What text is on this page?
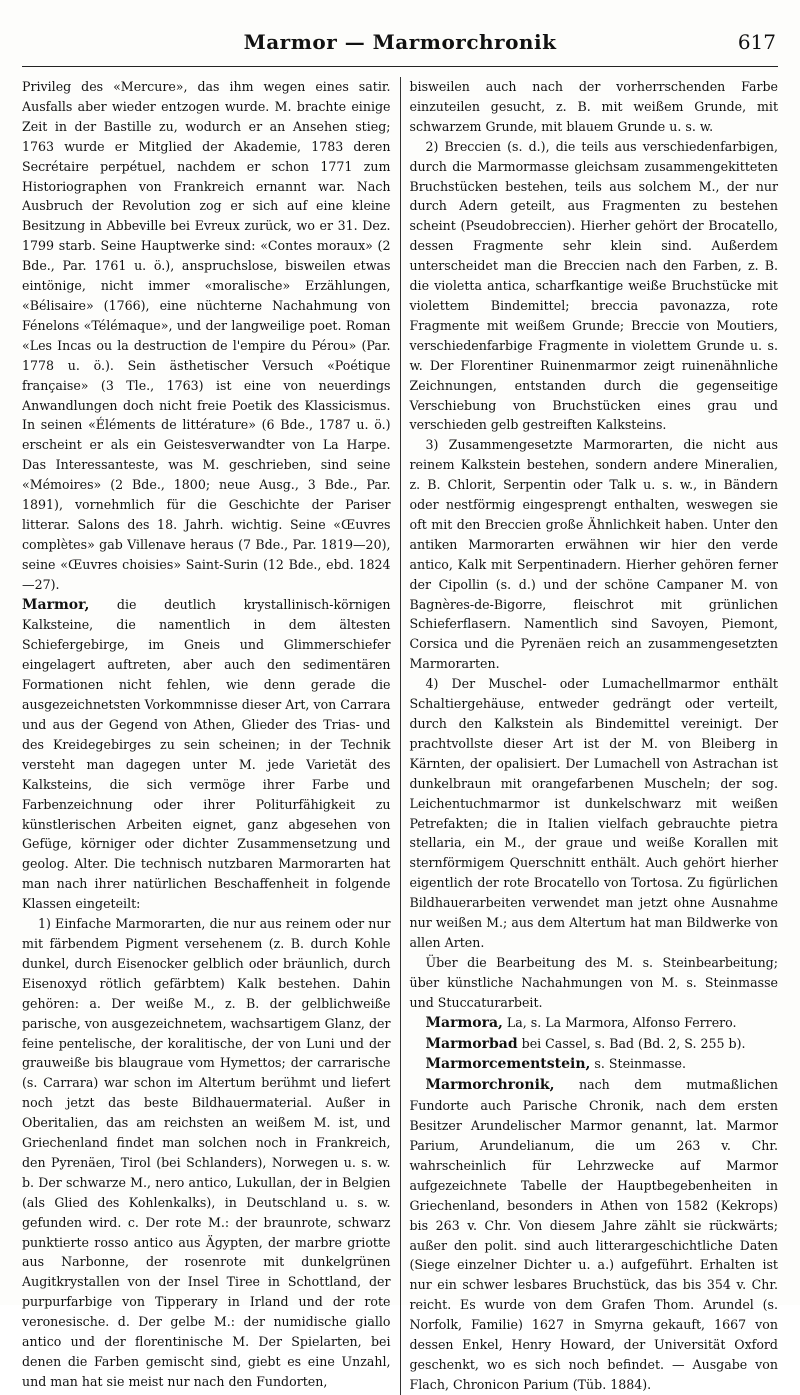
Marmor — Marmorchronik	617

Privileg des «Mercure», das ihm wegen eines satir. Ausfalls aber wieder entzogen wurde. M. brachte einige Zeit in der Bastille zu, wodurch er an Ansehen stieg; 1763 wurde er Mitglied der Akademie, 1783 deren Secrétaire perpétuel, nachdem er schon 1771 zum Historiographen von Frankreich ernannt war. Nach Ausbruch der Revolution zog er sich auf eine kleine Besitzung in Abbeville bei Evreux zurück, wo er 31. Dez. 1799 starb. Seine Hauptwerke sind: «Contes moraux» (2 Bde., Par. 1761 u. ö.), anspruchslose, bisweilen etwas eintönige, nicht immer «moralische» Erzählungen, «Bélisaire» (1766), eine nüchterne Nachahmung von Fénelons «Télémaque», und der langweilige poet. Roman «Les Incas ou la destruction de l'empire du Pérou» (Par. 1778 u. ö.). Sein ästhetischer Versuch «Poétique française» (3 Tle., 1763) ist eine von neuerdings Anwandlungen doch nicht freie Poetik des Klassicismus. In seinen «Éléments de littérature» (6 Bde., 1787 u. ö.) erscheint er als ein Geistesverwandter von La Harpe. Das Interessanteste, was M. geschrieben, sind seine «Mémoires» (2 Bde., 1800; neue Ausg., 3 Bde., Par. 1891), vornehmlich für die Geschichte der Pariser litterar. Salons des 18. Jahrh. wichtig. Seine «Œuvres complètes» gab Villenave heraus (7 Bde., Par. 1819—20), seine «Œuvres choisies» Saint-Surin (12 Bde., ebd. 1824—27).

Marmor, die deutlich krystallinisch-körnigen Kalksteine, die namentlich in dem ältesten Schiefergebirge, im Gneis und Glimmerschiefer eingelagert auftreten, aber auch den sedimentären Formationen nicht fehlen, wie denn gerade die ausgezeichnetsten Vorkommnisse dieser Art, von Carrara und aus der Gegend von Athen, Glieder des Trias- und des Kreidegebirges zu sein scheinen; in der Technik versteht man dagegen unter M. jede Varietät des Kalksteins, die sich vermöge ihrer Farbe und Farbenzeichnung oder ihrer Politurfähigkeit zu künstlerischen Arbeiten eignet, ganz abgesehen von Gefüge, körniger oder dichter Zusammensetzung und geolog. Alter. Die technisch nutzbaren Marmorarten hat man nach ihrer natürlichen Beschaffenheit in folgende Klassen eingeteilt:

1) Einfache Marmorarten, die nur aus reinem oder nur mit färbendem Pigment versehenem (z. B. durch Kohle dunkel, durch Eisenocker gelblich oder bräunlich, durch Eisenoxyd rötlich gefärbtem) Kalk bestehen. Dahin gehören: a. Der weiße M., z. B. der gelblichweiße parische, von ausgezeichnetem, wachsartigem Glanz, der feine pentelische, der koralitische, der von Luni und der grauweiße bis blaugraue vom Hymettos; der carrarische (s. Carrara) war schon im Altertum berühmt und liefert noch jetzt das beste Bildhauermaterial. Außer in Oberitalien, das am reichsten an weißem M. ist, und Griechenland findet man solchen noch in Frankreich, den Pyrenäen, Tirol (bei Schlanders), Norwegen u. s. w. b. Der schwarze M., nero antico, Lukullan, der in Belgien (als Glied des Kohlenkalks), in Deutschland u. s. w. gefunden wird. c. Der rote M.: der braunrote, schwarz punktierte rosso antico aus Ägypten, der marbre griotte aus Narbonne, der rosenrote mit dunkelgrünen Augitkrystallen von der Insel Tiree in Schottland, der purpurfarbige von Tipperary in Irland und der rote veronesische. d. Der gelbe M.: der numidische giallo antico und der florentinische M. Der Spielarten, bei denen die Farben gemischt sind, giebt es eine Unzahl, und man hat sie meist nur nach den Fundorten,

bisweilen auch nach der vorherrschenden Farbe einzuteilen gesucht, z. B. mit weißem Grunde, mit schwarzem Grunde, mit blauem Grunde u. s. w.

2) Breccien (s. d.), die teils aus verschiedenfarbigen, durch die Marmormasse gleichsam zusammengekitteten Bruchstücken bestehen, teils aus solchem M., der nur durch Adern geteilt, aus Fragmenten zu bestehen scheint (Pseudobreccien). Hierher gehört der Brocatello, dessen Fragmente sehr klein sind. Außerdem unterscheidet man die Breccien nach den Farben, z. B. die violetta antica, scharfkantige weiße Bruchstücke mit violettem Bindemittel; breccia pavonazza, rote Fragmente mit weißem Grunde; Breccie von Moutiers, verschiedenfarbige Fragmente in violettem Grunde u. s. w. Der Florentiner Ruinenmarmor zeigt ruinenähnliche Zeichnungen, entstanden durch die gegenseitige Verschiebung von Bruchstücken eines grau und verschieden gelb gestreiften Kalksteins.

3) Zusammengesetzte Marmorarten, die nicht aus reinem Kalkstein bestehen, sondern andere Mineralien, z. B. Chlorit, Serpentin oder Talk u. s. w., in Bändern oder nestförmig eingesprengt enthalten, weswegen sie oft mit den Breccien große Ähnlichkeit haben. Unter den antiken Marmorarten erwähnen wir hier den verde antico, Kalk mit Serpentinadern. Hierher gehören ferner der Cipollin (s. d.) und der schöne Campaner M. von Bagnères-de-Bigorre, fleischrot mit grünlichen Schieferflasern. Namentlich sind Savoyen, Piemont, Corsica und die Pyrenäen reich an zusammengesetzten Marmorarten.

4) Der Muschel- oder Lumachellmarmor enthält Schaltiergehäuse, entweder gedrängt oder verteilt, durch den Kalkstein als Bindemittel vereinigt. Der prachtvollste dieser Art ist der M. von Bleiberg in Kärnten, der opalisiert. Der Lumachell von Astrachan ist dunkelbraun mit orangefarbenen Muscheln; der sog. Leichentuchmarmor ist dunkelschwarz mit weißen Petrefakten; die in Italien vielfach gebrauchte pietra stellaria, ein M., der graue und weiße Korallen mit sternförmigem Querschnitt enthält. Auch gehört hierher eigentlich der rote Brocatello von Tortosa. Zu figürlichen Bildhauerarbeiten verwendet man jetzt ohne Ausnahme nur weißen M.; aus dem Altertum hat man Bildwerke von allen Arten.

Über die Bearbeitung des M. s. Steinbearbeitung; über künstliche Nachahmungen von M. s. Steinmasse und Stuccaturarbeit.

Marmora, La, s. La Marmora, Alfonso Ferrero.

Marmorbad bei Cassel, s. Bad (Bd. 2, S. 255 b).

Marmorcementstein, s. Steinmasse.

Marmorchronik, nach dem mutmaßlichen Fundorte auch Parische Chronik, nach dem ersten Besitzer Arundelischer Marmor genannt, lat. Marmor Parium, Arundelianum, die um 263 v. Chr. wahrscheinlich für Lehrzwecke auf Marmor aufgezeichnete Tabelle der Hauptbegebenheiten in Griechenland, besonders in Athen von 1582 (Kekrops) bis 263 v. Chr. Von diesem Jahre zählt sie rückwärts; außer den polit. sind auch litterargeschichtliche Daten (Siege einzelner Dichter u. a.) aufgeführt. Erhalten ist nur ein schwer lesbares Bruchstück, das bis 354 v. Chr. reicht. Es wurde von dem Grafen Thom. Arundel (s. Norfolk, Familie) 1627 in Smyrna gekauft, 1667 von dessen Enkel, Henry Howard, der Universität Oxford geschenkt, wo es sich noch befindet. — Ausgabe von Flach, Chronicon Parium (Tüb. 1884).
